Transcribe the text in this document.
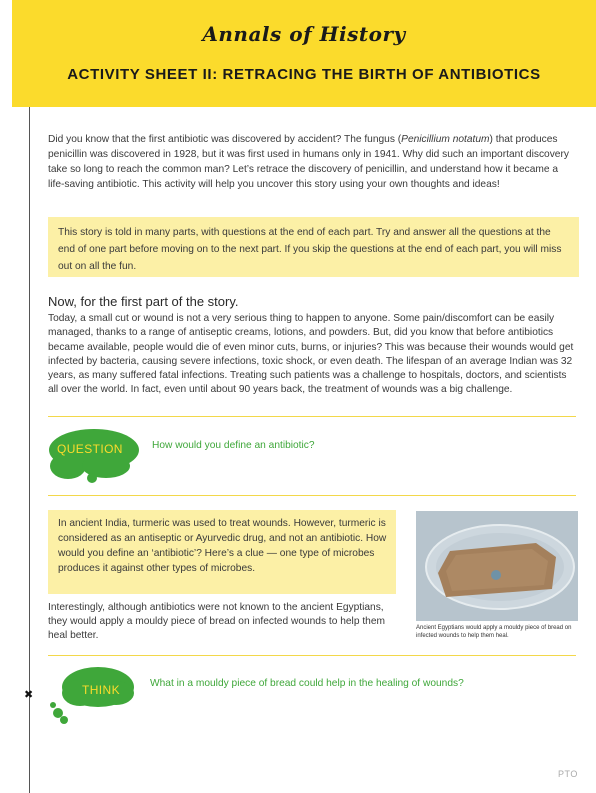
Annals of History
ACTIVITY SHEET II: RETRACING THE BIRTH OF ANTIBIOTICS
✖
Did you know that the first antibiotic was discovered by accident? The fungus (Penicillium notatum) that produces penicillin was discovered in 1928, but it was first used in humans only in 1941. Why did such an important discovery take so long to reach the common man? Let’s retrace the discovery of penicillin, and understand how it became a life-saving antibiotic. This activity will help you uncover this story using your own thoughts and ideas!
This story is told in many parts, with questions at the end of each part. Try and answer all the questions at the end of one part before moving on to the next part. If you skip the questions at the end of each part, you will miss out on all the fun.
Now, for the first part of the story.
Today, a small cut or wound is not a very serious thing to happen to anyone. Some pain/discomfort can be easily managed, thanks to a range of antiseptic creams, lotions, and powders. But, did you know that before antibiotics became available, people would die of even minor cuts, burns, or injuries? This was because their wounds would get infected by bacteria, causing severe infections, toxic shock, or even death. The lifespan of an average Indian was 32 years, as many suffered fatal infections. Treating such patients was a challenge to hospitals, doctors, and scientists all over the world. In fact, even until about 90 years back, the treatment of wounds was a big challenge.
QUESTION	How would you define an antibiotic?
In ancient India, turmeric was used to treat wounds. However, turmeric is considered as an antiseptic or Ayurvedic drug, and not an antibiotic. How would you define an ‘antibiotic’? Here’s a clue — one type of microbes produces it against other types of microbes.
Interestingly, although antibiotics were not known to the ancient Egyptians, they would apply a mouldy piece of bread on infected wounds to help them heal better.
Ancient Egyptians would apply a mouldy piece of bread on infected wounds to help them heal.
THINK	What in a mouldy piece of bread could help in the healing of wounds?
PTO
